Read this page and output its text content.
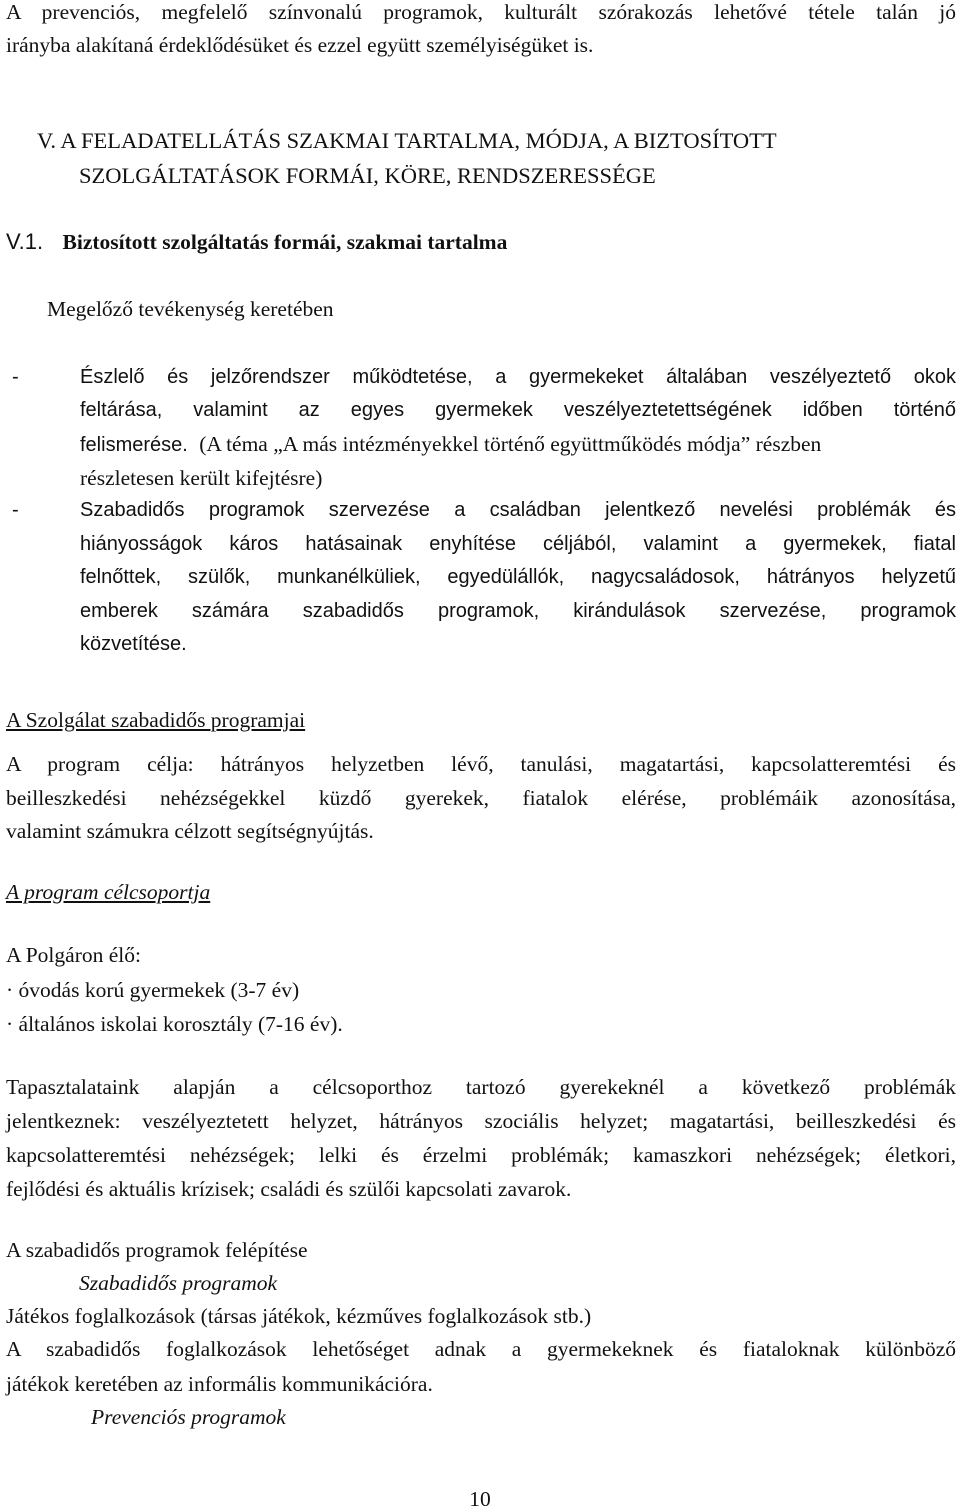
A prevenciós, megfelelő színvonalú programok, kulturált szórakozás lehetővé tétele talán jó
irányba alakítaná érdeklődésüket és ezzel együtt személyiségüket is.
V. A FELADATELLÁTÁS SZAKMAI TARTALMA, MÓDJA, A BIZTOSÍTOTT
SZOLGÁLTATÁSOK FORMÁI, KÖRE, RENDSZERESSÉGE
V.1. Biztosított szolgáltatás formái, szakmai tartalma
Megelőző tevékenység keretében
-	Észlelő és jelzőrendszer működtetése, a gyermekeket általában veszélyeztető okok
feltárása, valamint az egyes gyermekek veszélyeztetettségének időben történő
felismerése. (A téma „A más intézményekkel történő együttműködés módja” részben
részletesen került kifejtésre)
-	Szabadidős programok szervezése a családban jelentkező nevelési problémák és
hiányosságok káros hatásainak enyhítése céljából, valamint a gyermekek, fiatal
felnőttek, szülők, munkanélküliek, egyedülállók, nagycsaládosok, hátrányos helyzetű
emberek számára szabadidős programok, kirándulások szervezése, programok
közvetítése.
A Szolgálat szabadidős programjai
A program célja: hátrányos helyzetben lévő, tanulási, magatartási, kapcsolatteremtési és
beilleszkedési nehézségekkel küzdő gyerekek, fiatalok elérése, problémáik azonosítása,
valamint számukra célzott segítségnyújtás.
A program célcsoportja
A Polgáron élő:
· óvodás korú gyermekek (3-7 év)
· általános iskolai korosztály (7-16 év).
Tapasztalataink alapján a célcsoporthoz tartozó gyerekeknél a következő problémák
jelentkeznek: veszélyeztetett helyzet, hátrányos szociális helyzet; magatartási, beilleszkedési és
kapcsolatteremtési nehézségek; lelki és érzelmi problémák; kamaszkori nehézségek; életkori,
fejlődési és aktuális krízisek; családi és szülői kapcsolati zavarok.
A szabadidős programok felépítése
Szabadidős programok
Játékos foglalkozások (társas játékok, kézműves foglalkozások stb.)
A szabadidős foglalkozások lehetőséget adnak a gyermekeknek és fiataloknak különböző
játékok keretében az informális kommunikációra.
Prevenciós programok
10
